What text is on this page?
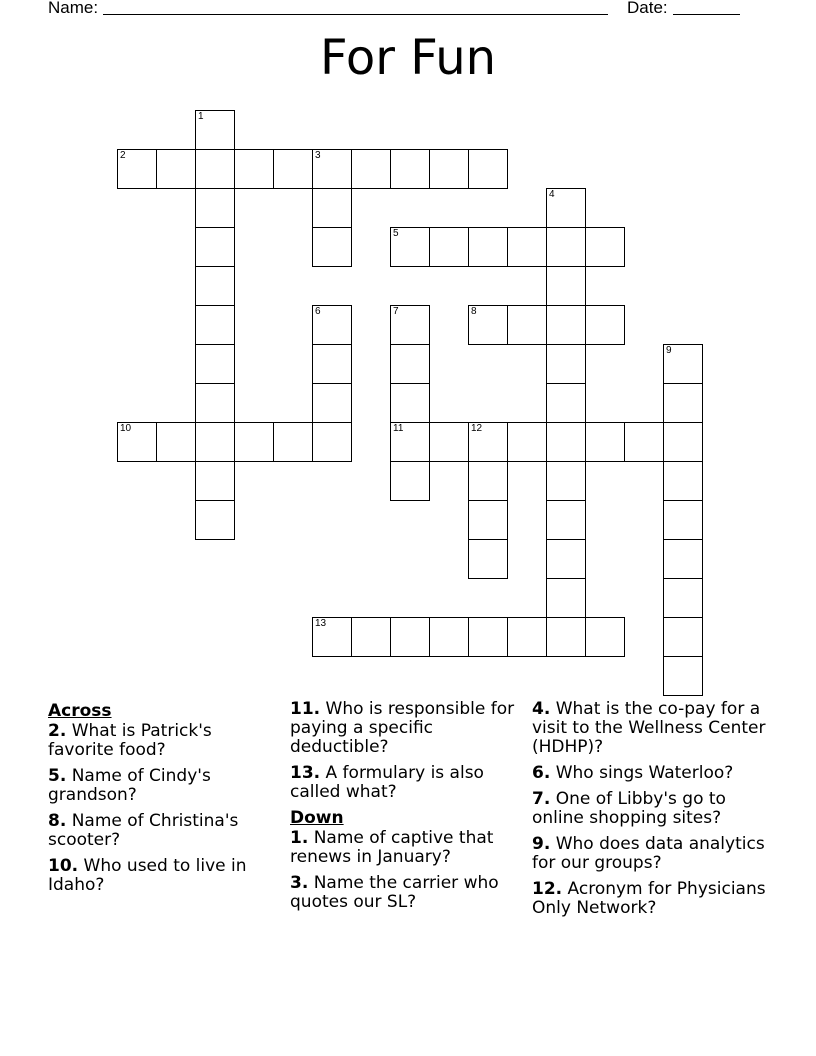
Name:	Date:
For Fun
1
2	3
4
5
6	7
11
8
9
10	12
13
Across
2. What is Patrick's favorite food?
5. Name of Cindy's grandson?
8. Name of Christina's scooter?
10. Who used to live in Idaho?
11. Who is responsible for paying a specific deductible?
13. A formulary is also called what?
Down
1. Name of captive that renews in January?
3. Name the carrier who quotes our SL?
4. What is the co-pay for a visit to the Wellness Center (HDHP)?
6. Who sings Waterloo?
7. One of Libby's go to online shopping sites?
9. Who does data analytics for our groups?
12. Acronym for Physicians Only Network?
